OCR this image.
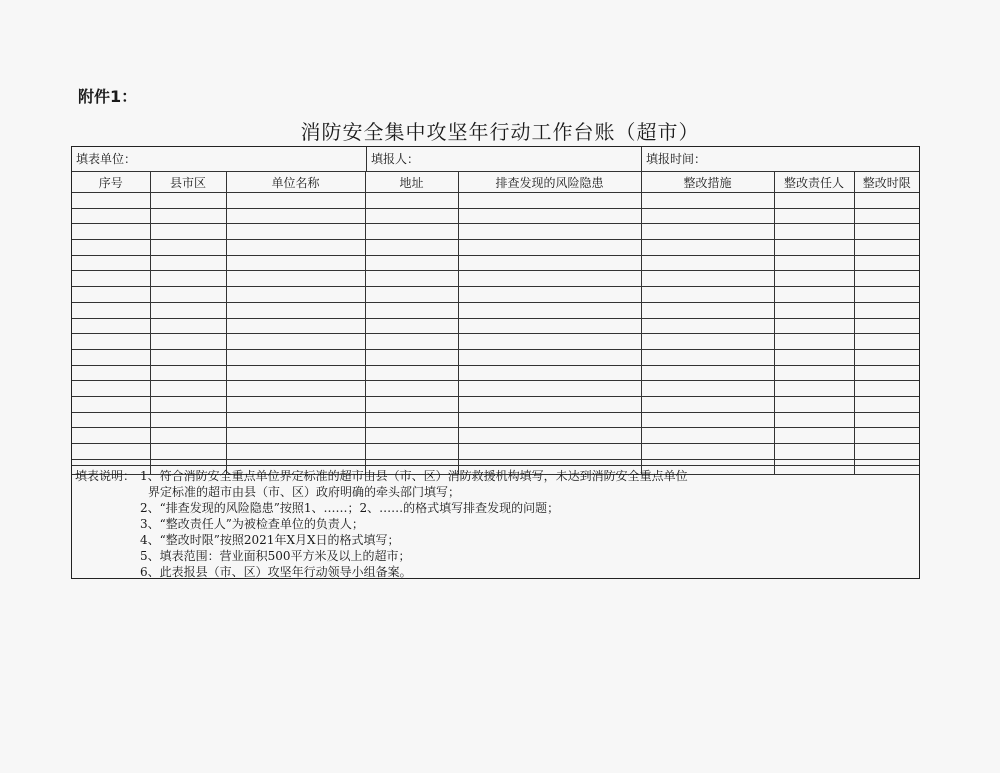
附件1：
消防安全集中攻坚年行动工作台账（超市）
填表单位：	填报人：	填报时间：
序号	县市区	单位名称	地址	排查发现的风险隐患	整改措施	整改责任人	整改时限

填表说明： 1、符合消防安全重点单位界定标准的超市由县（市、区）消防救援机构填写，未达到消防安全重点单位
界定标准的超市由县（市、区）政府明确的牵头部门填写；
2、“排查发现的风险隐患”按照1、……；2、……的格式填写排查发现的问题；
3、“整改责任人”为被检查单位的负责人；
4、“整改时限”按照2021年X月X日的格式填写；
5、填表范围：营业面积500平方米及以上的超市；
6、此表报县（市、区）攻坚年行动领导小组备案。
